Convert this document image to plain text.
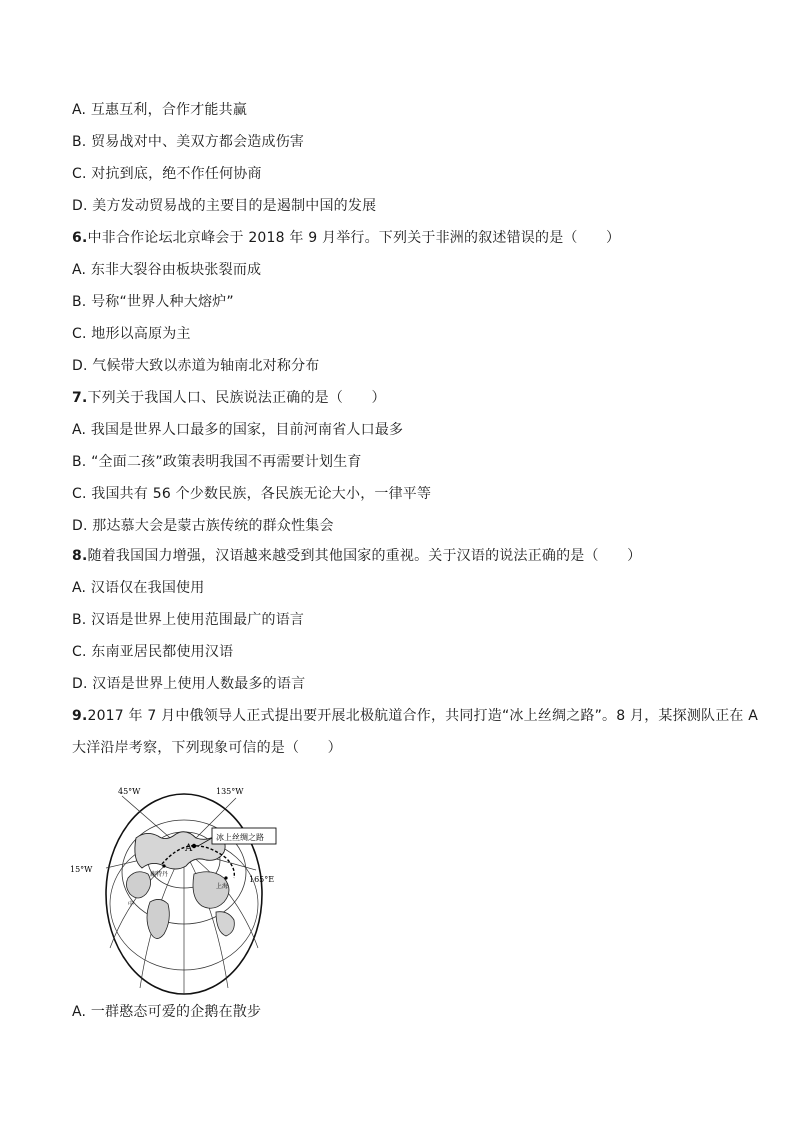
A. 互惠互利，合作才能共赢
B. 贸易战对中、美双方都会造成伤害
C. 对抗到底，绝不作任何协商
D. 美方发动贸易战的主要目的是遏制中国的发展
6.中非合作论坛北京峰会于 2018 年 9 月举行。下列关于非洲的叙述错误的是（　　）
A. 东非大裂谷由板块张裂而成
B. 号称“世界人种大熔炉”
C. 地形以高原为主
D. 气候带大致以赤道为轴南北对称分布
7.下列关于我国人口、民族说法正确的是（　　）
A. 我国是世界人口最多的国家，目前河南省人口最多
B. “全面二孩”政策表明我国不再需要计划生育
C. 我国共有 56 个少数民族，各民族无论大小，一律平等
D. 那达慕大会是蒙古族传统的群众性集会
8.随着我国国力增强，汉语越来越受到其他国家的重视。关于汉语的说法正确的是（　　）
A. 汉语仅在我国使用
B. 汉语是世界上使用范围最广的语言
C. 东南亚居民都使用汉语
D. 汉语是世界上使用人数最多的语言
9.2017 年 7 月中俄领导人正式提出要开展北极航道合作，共同打造“冰上丝绸之路”。8 月，某探测队正在 A
大洋沿岸考察，下列现象可信的是（　　）
A
冰上丝绸之路
45°W	135°W
15°W
165°E
鹿特丹
上海
中
A. 一群憨态可爱的企鹅在散步
